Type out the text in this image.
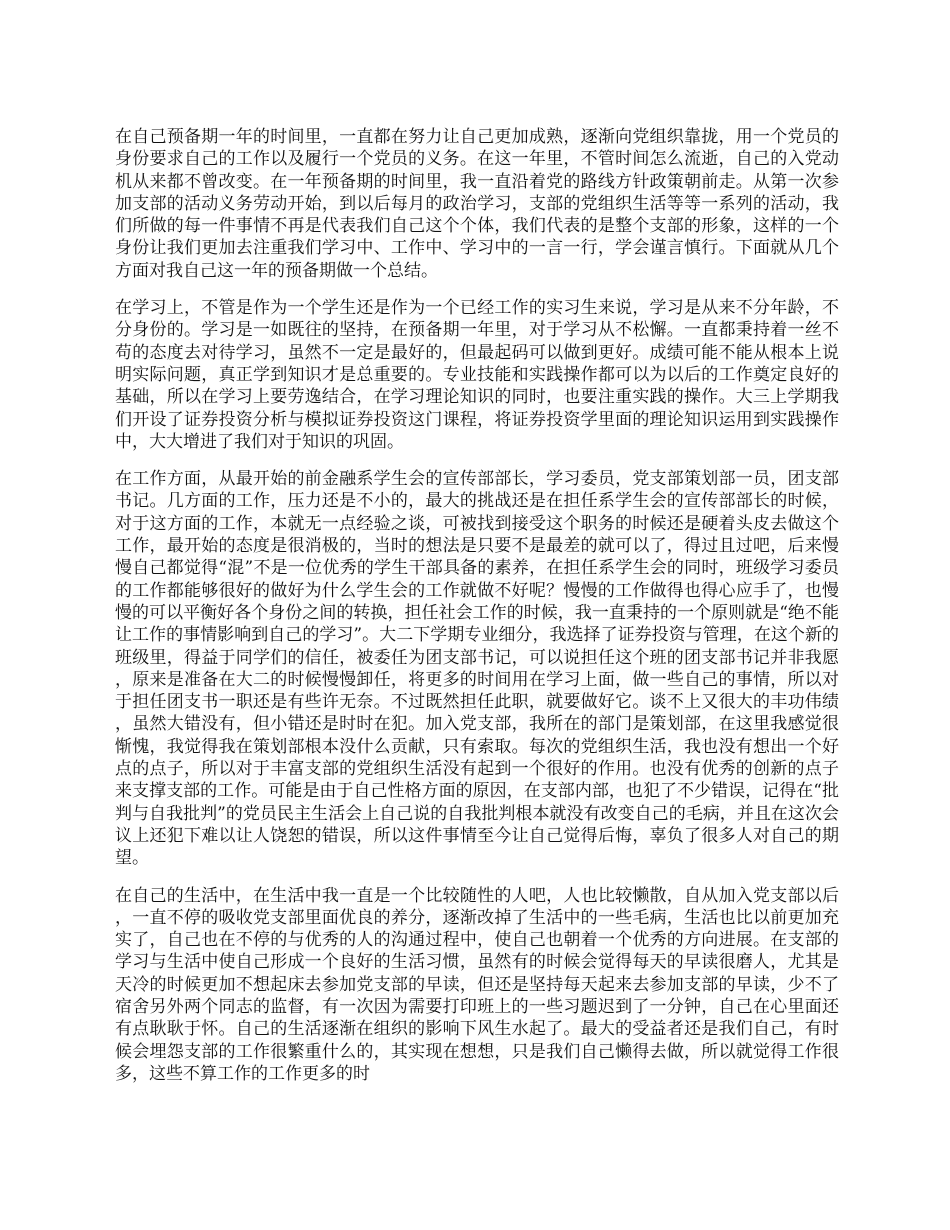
在自己预备期一年的时间里，一直都在努力让自己更加成熟，逐渐向党组织靠拢，用一个党员的身份要求自己的工作以及履行一个党员的义务。在这一年里，不管时间怎么流逝，自己的入党动机从来都不曾改变。在一年预备期的时间里，我一直沿着党的路线方针政策朝前走。从第一次参加支部的活动义务劳动开始，到以后每月的政治学习，支部的党组织生活等等一系列的活动，我们所做的每一件事情不再是代表我们自己这个个体，我们代表的是整个支部的形象，这样的一个身份让我们更加去注重我们学习中、工作中、学习中的一言一行，学会谨言慎行。下面就从几个方面对我自己这一年的预备期做一个总结。

在学习上，不管是作为一个学生还是作为一个已经工作的实习生来说，学习是从来不分年龄，不分身份的。学习是一如既往的坚持，在预备期一年里，对于学习从不松懈。一直都秉持着一丝不苟的态度去对待学习，虽然不一定是最好的，但最起码可以做到更好。成绩可能不能从根本上说明实际问题，真正学到知识才是总重要的。专业技能和实践操作都可以为以后的工作奠定良好的基础，所以在学习上要劳逸结合，在学习理论知识的同时，也要注重实践的操作。大三上学期我们开设了证券投资分析与模拟证券投资这门课程，将证券投资学里面的理论知识运用到实践操作中，大大增进了我们对于知识的巩固。

在工作方面，从最开始的前金融系学生会的宣传部部长，学习委员，党支部策划部一员，团支部书记。几方面的工作，压力还是不小的，最大的挑战还是在担任系学生会的宣传部部长的时候，对于这方面的工作，本就无一点经验之谈，可被找到接受这个职务的时候还是硬着头皮去做这个工作，最开始的态度是很消极的，当时的想法是只要不是最差的就可以了，得过且过吧，后来慢慢自己都觉得“混”不是一位优秀的学生干部具备的素养，在担任系学生会的同时，班级学习委员的工作都能够很好的做好为什么学生会的工作就做不好呢？慢慢的工作做得也得心应手了，也慢慢的可以平衡好各个身份之间的转换，担任社会工作的时候，我一直秉持的一个原则就是“绝不能让工作的事情影响到自己的学习”。大二下学期专业细分，我选择了证券投资与管理，在这个新的班级里，得益于同学们的信任，被委任为团支部书记，可以说担任这个班的团支部书记并非我愿，原来是准备在大二的时候慢慢卸任，将更多的时间用在学习上面，做一些自己的事情，所以对于担任团支书一职还是有些许无奈。不过既然担任此职，就要做好它。谈不上又很大的丰功伟绩，虽然大错没有，但小错还是时时在犯。加入党支部，我所在的部门是策划部，在这里我感觉很惭愧，我觉得我在策划部根本没什么贡献，只有索取。每次的党组织生活，我也没有想出一个好点的点子，所以对于丰富支部的党组织生活没有起到一个很好的作用。也没有优秀的创新的点子来支撑支部的工作。可能是由于自己性格方面的原因，在支部内部，也犯了不少错误，记得在“批判与自我批判”的党员民主生活会上自己说的自我批判根本就没有改变自己的毛病，并且在这次会议上还犯下难以让人饶恕的错误，所以这件事情至今让自己觉得后悔，辜负了很多人对自己的期望。

在自己的生活中，在生活中我一直是一个比较随性的人吧，人也比较懒散，自从加入党支部以后，一直不停的吸收党支部里面优良的养分，逐渐改掉了生活中的一些毛病，生活也比以前更加充实了，自己也在不停的与优秀的人的沟通过程中，使自己也朝着一个优秀的方向进展。在支部的学习与生活中使自己形成一个良好的生活习惯，虽然有的时候会觉得每天的早读很磨人，尤其是天冷的时候更加不想起床去参加党支部的早读，但还是坚持每天起来去参加支部的早读，少不了宿舍另外两个同志的监督，有一次因为需要打印班上的一些习题迟到了一分钟，自己在心里面还有点耿耿于怀。自己的生活逐渐在组织的影响下风生水起了。最大的受益者还是我们自己，有时候会埋怨支部的工作很繁重什么的，其实现在想想，只是我们自己懒得去做，所以就觉得工作很多，这些不算工作的工作更多的时
